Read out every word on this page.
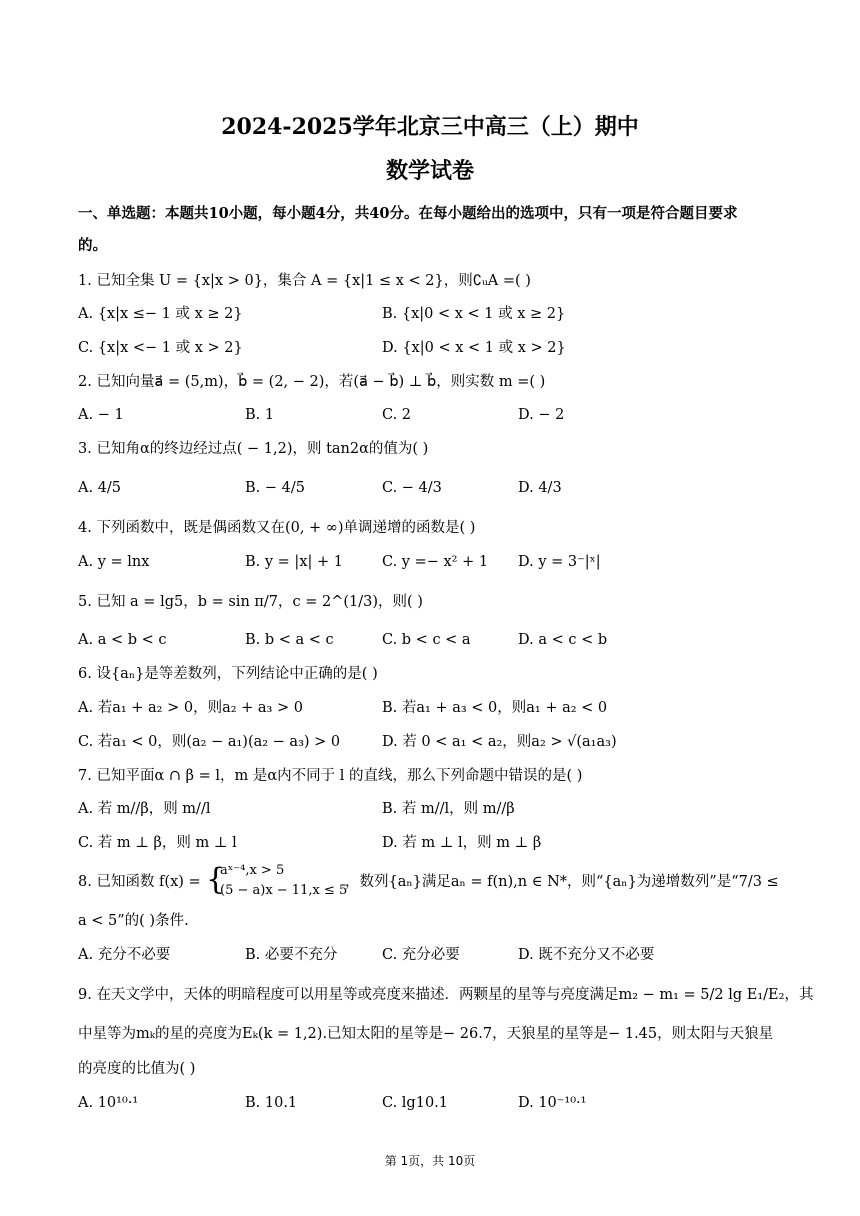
2024-2025学年北京三中高三（上）期中
数学试卷
一、单选题：本题共10小题，每小题4分，共40分。在每小题给出的选项中，只有一项是符合题目要求
的。
1. 已知全集 U = {x|x > 0}，集合 A = {x|1 ≤ x < 2}，则∁ᵤA =( )
A. {x|x ≤− 1 或 x ≥ 2}	B. {x|0 < x < 1 或 x ≥ 2}
C. {x|x <− 1 或 x > 2}	D. {x|0 < x < 1 或 x > 2}
2. 已知向量a⃗ = (5,m)，b⃗ = (2, − 2)，若(a⃗ − b⃗) ⊥ b⃗，则实数 m =( )
A. − 1	B. 1	C. 2	D. − 2
3. 已知角α的终边经过点( − 1,2)，则 tan2α的值为( )
A. 4/5	B. − 4/5	C. − 4/3	D. 4/3
4. 下列函数中，既是偶函数又在(0, + ∞)单调递增的函数是( )
A. y = lnx	B. y = |x| + 1	C. y =− x² + 1 D. y = 3⁻|ˣ|
5. 已知 a = lg5，b = sin π/7，c = 2^(1/3)，则( )
A. a < b < c	B. b < a < c	C. b < c < a	D. a < c < b
6. 设{aₙ}是等差数列，下列结论中正确的是( )
A. 若a₁ + a₂ > 0，则a₂ + a₃ > 0	B. 若a₁ + a₃ < 0，则a₁ + a₂ < 0
C. 若a₁ < 0，则(a₂ − a₁)(a₂ − a₃) > 0	D. 若 0 < a₁ < a₂，则a₂ > √(a₁a₃)
7. 已知平面α ∩ β = l，m 是α内不同于 l 的直线，那么下列命题中错误的是( )
A. 若 m//β，则 m//l	B. 若 m//l，则 m//β
C. 若 m ⊥ β，则 m ⊥ l	D. 若 m ⊥ l，则 m ⊥ β
8. 已知函数 f(x) = {
aˣ⁻⁴,x > 5
(5 − a)x − 11,x ≤ 5
，数列{aₙ}满足aₙ = f(n),n ∈ N*，则“{aₙ}为递增数列”是“7/3 ≤
a < 5”的( )条件.
A. 充分不必要	B. 必要不充分	C. 充分必要	D. 既不充分又不必要
9. 在天文学中，天体的明暗程度可以用星等或亮度来描述．两颗星的星等与亮度满足m₂ − m₁ = 5/2 lg E₁/E₂，其
中星等为mₖ的星的亮度为Eₖ(k = 1,2).已知太阳的星等是− 26.7，天狼星的星等是− 1.45，则太阳与天狼星
的亮度的比值为( )
A. 10¹⁰·¹	B. 10.1	C. lg10.1	D. 10⁻¹⁰·¹
第 1页，共 10页
